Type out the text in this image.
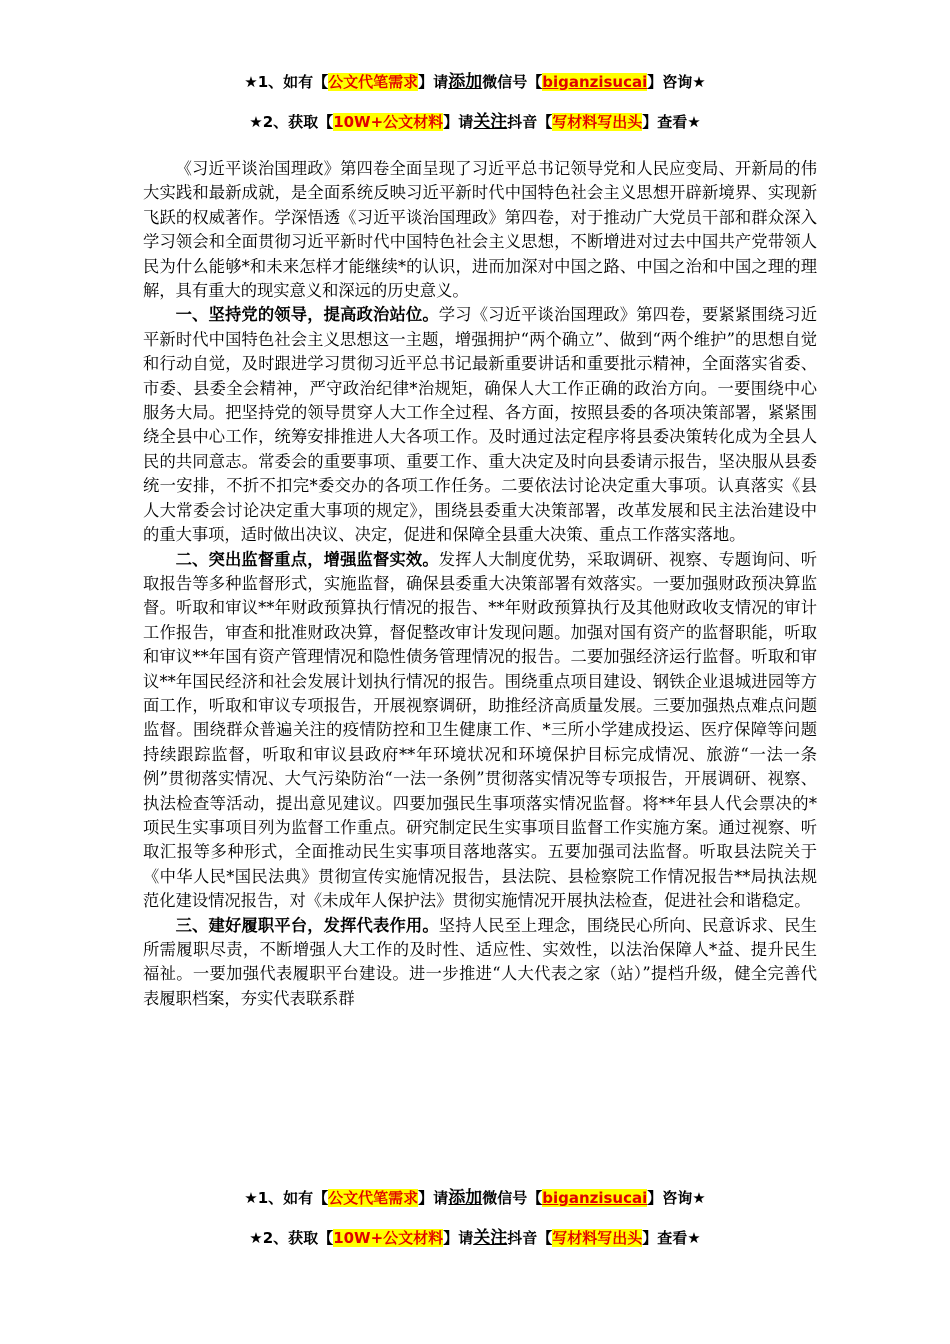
★1、如有【公文代笔需求】请添加微信号【biganzisucai】咨询★
★2、获取【10W+公文材料】请关注抖音【写材料写出头】查看★

《习近平谈治国理政》第四卷全面呈现了习近平总书记领导党和人民应变局、开新局的伟大实践和最新成就，是全面系统反映习近平新时代中国特色社会主义思想开辟新境界、实现新飞跃的权威著作。学深悟透《习近平谈治国理政》第四卷，对于推动广大党员干部和群众深入学习领会和全面贯彻习近平新时代中国特色社会主义思想，不断增进对过去中国共产党带领人民为什么能够*和未来怎样才能继续*的认识，进而加深对中国之路、中国之治和中国之理的理解，具有重大的现实意义和深远的历史意义。

一、坚持党的领导，提高政治站位。学习《习近平谈治国理政》第四卷，要紧紧围绕习近平新时代中国特色社会主义思想这一主题，增强拥护“两个确立”、做到“两个维护”的思想自觉和行动自觉，及时跟进学习贯彻习近平总书记最新重要讲话和重要批示精神，全面落实省委、市委、县委全会精神，严守政治纪律*治规矩，确保人大工作正确的政治方向。一要围绕中心服务大局。把坚持党的领导贯穿人大工作全过程、各方面，按照县委的各项决策部署，紧紧围绕全县中心工作，统筹安排推进人大各项工作。及时通过法定程序将县委决策转化成为全县人民的共同意志。常委会的重要事项、重要工作、重大决定及时向县委请示报告，坚决服从县委统一安排，不折不扣完*委交办的各项工作任务。二要依法讨论决定重大事项。认真落实《县人大常委会讨论决定重大事项的规定》，围绕县委重大决策部署，改革发展和民主法治建设中的重大事项，适时做出决议、决定，促进和保障全县重大决策、重点工作落实落地。

二、突出监督重点，增强监督实效。发挥人大制度优势，采取调研、视察、专题询问、听取报告等多种监督形式，实施监督，确保县委重大决策部署有效落实。一要加强财政预决算监督。听取和审议**年财政预算执行情况的报告、**年财政预算执行及其他财政收支情况的审计工作报告，审查和批准财政决算，督促整改审计发现问题。加强对国有资产的监督职能，听取和审议**年国有资产管理情况和隐性债务管理情况的报告。二要加强经济运行监督。听取和审议**年国民经济和社会发展计划执行情况的报告。围绕重点项目建设、钢铁企业退城进园等方面工作，听取和审议专项报告，开展视察调研，助推经济高质量发展。三要加强热点难点问题监督。围绕群众普遍关注的疫情防控和卫生健康工作、*三所小学建成投运、医疗保障等问题持续跟踪监督，听取和审议县政府**年环境状况和环境保护目标完成情况、旅游“一法一条例”贯彻落实情况、大气污染防治“一法一条例”贯彻落实情况等专项报告，开展调研、视察、执法检查等活动，提出意见建议。四要加强民生事项落实情况监督。将**年县人代会票决的*项民生实事项目列为监督工作重点。研究制定民生实事项目监督工作实施方案。通过视察、听取汇报等多种形式，全面推动民生实事项目落地落实。五要加强司法监督。听取县法院关于《中华人民*国民法典》贯彻宣传实施情况报告，县法院、县检察院工作情况报告**局执法规范化建设情况报告，对《未成年人保护法》贯彻实施情况开展执法检查，促进社会和谐稳定。

三、建好履职平台，发挥代表作用。坚持人民至上理念，围绕民心所向、民意诉求、民生所需履职尽责，不断增强人大工作的及时性、适应性、实效性，以法治保障人*益、提升民生福祉。一要加强代表履职平台建设。进一步推进“人大代表之家（站）”提档升级，健全完善代表履职档案，夯实代表联系群

★1、如有【公文代笔需求】请添加微信号【biganzisucai】咨询★
★2、获取【10W+公文材料】请关注抖音【写材料写出头】查看★
